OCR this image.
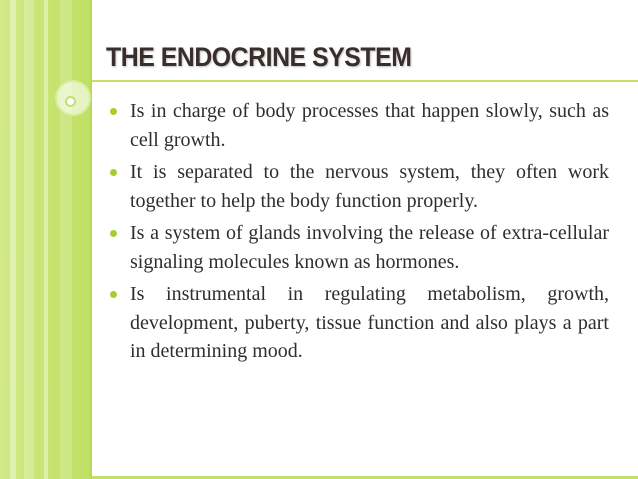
THE ENDOCRINE SYSTEM
Is in charge of body processes that happen slowly, such as cell growth.
It is separated to the nervous system, they often work together to help the body function properly.
Is a system of glands involving the release of extra-cellular signaling molecules known as hormones.
Is instrumental in regulating metabolism, growth, development, puberty, tissue function and also plays a part in determining mood.
